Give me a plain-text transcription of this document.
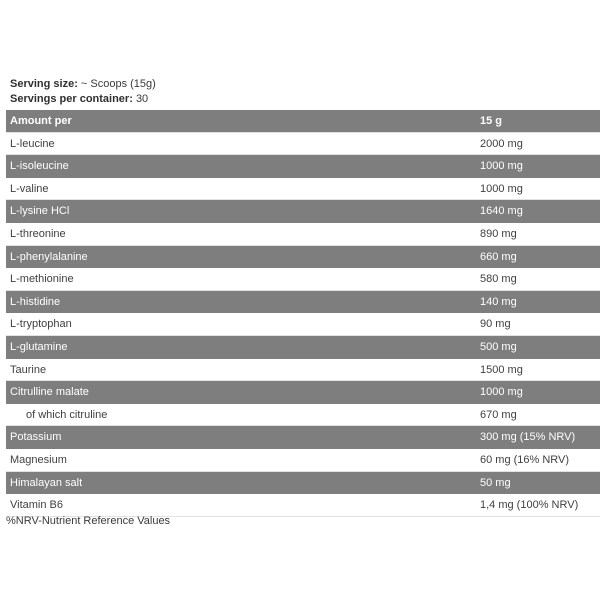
Serving size: ~ Scoops (15g)
Servings per container: 30
Amount per	15 g
L-leucine	2000 mg
L-isoleucine	1000 mg
L-valine	1000 mg
L-lysine HCl	1640 mg
L-threonine	890 mg
L-phenylalanine	660 mg
L-methionine	580 mg
L-histidine	140 mg
L-tryptophan	90 mg
L-glutamine	500 mg
Taurine	1500 mg
Citrulline malate	1000 mg
of which citruline	670 mg
Potassium	300 mg (15% NRV)
Magnesium	60 mg (16% NRV)
Himalayan salt	50 mg
Vitamin B6	1,4 mg (100% NRV)
%NRV-Nutrient Reference Values
